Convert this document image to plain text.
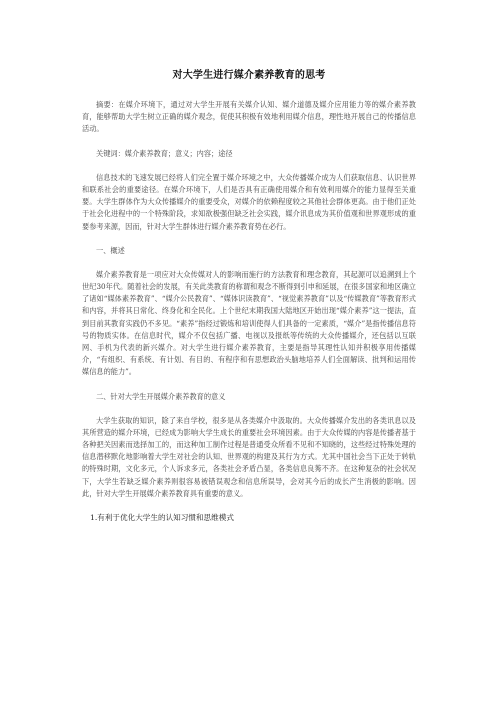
对大学生进行媒介素养教育的思考

摘要：在媒介环境下，通过对大学生开展有关媒介认知、媒介道德及媒介应用能力等的媒介素养教育，能够帮助大学生树立正确的媒介观念，促使其积极有效地利用媒介信息，理性地开展自己的传播信息活动。

关键词：媒介素养教育；意义；内容；途径

信息技术的飞速发展已经将人们完全置于媒介环境之中，大众传播媒介成为人们获取信息、认识世界和联系社会的重要途径。在媒介环境下，人们是否具有正确使用媒介和有效利用媒介的能力显得至关重要。大学生群体作为大众传播媒介的重要受众，对媒介的依赖程度较之其他社会群体更高。由于他们正处于社会化进程中的一个特殊阶段，求知欲极强但缺乏社会实践，媒介讯息成为其价值观和世界观形成的重要参考来源，因而，针对大学生群体进行媒介素养教育势在必行。

一、概述

媒介素养教育是一项应对大众传媒对人的影响而施行的方法教育和理念教育，其起源可以追溯到上个世纪30年代。随着社会的发展，有关此类教育的称谓和观念不断得到引申和延展，在很多国家和地区确立了诸如“媒体素养教育”、“媒介公民教育”、“媒体识读教育”、“视觉素养教育”以及“传媒教育”等教育形式和内容，并将其日常化、终身化和全民化。上个世纪末期我国大陆地区开始出现“媒介素养”这一提法，直到目前其教育实践仍不多见。“素养”指经过锻炼和培训使得人们具备的一定素质，“媒介”是指传播信息符号的物质实体。在信息时代，媒介不仅包括广播、电视以及报纸等传统的大众传播媒介，还包括以互联网、手机为代表的新兴媒介。对大学生进行媒介素养教育，主要是指导其理性认知并积极享用传播媒介，“有组织、有系统、有计划、有目的、有程序和有思想政治头脑地培养人们全面解读、批判和运用传媒信息的能力”。

二、针对大学生开展媒介素养教育的意义

大学生获取的知识，除了来自学校，很多是从各类媒介中汲取的。大众传播媒介发出的各类讯息以及其所营造的媒介环境，已经成为影响大学生成长的重要社会环境因素。由于大众传媒的内容是传播者基于各种把关因素而选择加工的，而这种加工制作过程是普通受众所看不见和不知晓的，这些经过特殊处理的信息潜移默化地影响着大学生对社会的认知、世界观的构建及其行为方式。尤其中国社会当下正处于转轨的特殊时期，文化多元，个人诉求多元，各类社会矛盾凸显，各类信息良莠不齐。在这种复杂的社会状况下，大学生若缺乏媒介素养则很容易被错误观念和信息所误导，会对其今后的成长产生消极的影响。因此，针对大学生开展媒介素养教育具有重要的意义。

1.有利于优化大学生的认知习惯和思维模式
